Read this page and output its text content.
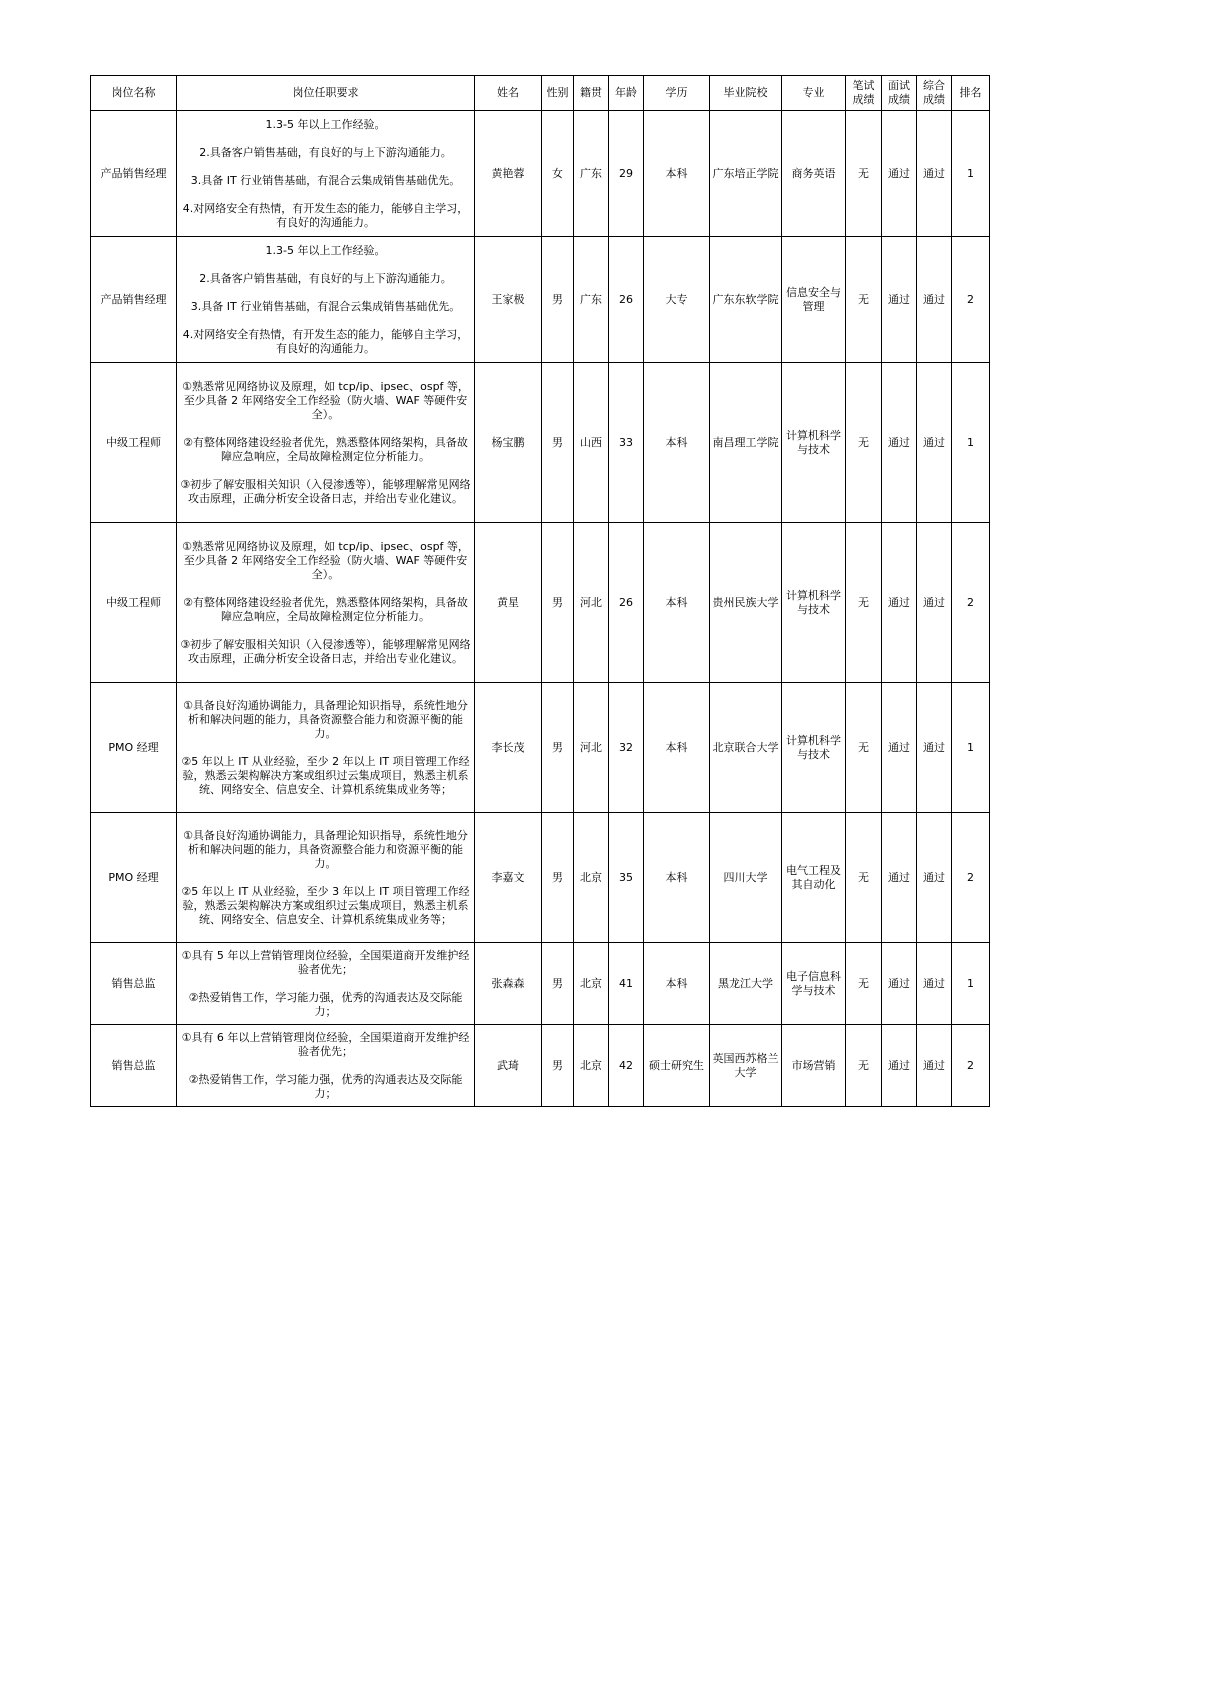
岗位名称	岗位任职要求	姓名	性别	籍贯	年龄	学历	毕业院校	专业	笔试成绩	面试成绩	综合成绩	排名
产品销售经理	1.3-5 年以上工作经验。

2.具备客户销售基础，有良好的与上下游沟通能力。

3.具备 IT 行业销售基础，有混合云集成销售基础优先。

4.对网络安全有热情，有开发生态的能力，能够自主学习，有良好的沟通能力。	黄艳蓉	女	广东	29	本科	广东培正学院	商务英语	无	通过	通过	1
产品销售经理	1.3-5 年以上工作经验。

2.具备客户销售基础，有良好的与上下游沟通能力。

3.具备 IT 行业销售基础，有混合云集成销售基础优先。

4.对网络安全有热情，有开发生态的能力，能够自主学习，有良好的沟通能力。	王家极	男	广东	26	大专	广东东软学院	信息安全与管理	无	通过	通过	2
中级工程师	①熟悉常见网络协议及原理，如 tcp/ip、ipsec、ospf 等，至少具备 2 年网络安全工作经验（防火墙、WAF 等硬件安全）。

②有整体网络建设经验者优先，熟悉整体网络架构，具备故障应急响应，全局故障检测定位分析能力。

③初步了解安服相关知识（入侵渗透等），能够理解常见网络攻击原理，正确分析安全设备日志，并给出专业化建议。	杨宝鹏	男	山西	33	本科	南昌理工学院	计算机科学与技术	无	通过	通过	1
中级工程师	①熟悉常见网络协议及原理，如 tcp/ip、ipsec、ospf 等，至少具备 2 年网络安全工作经验（防火墙、WAF 等硬件安全）。

②有整体网络建设经验者优先，熟悉整体网络架构，具备故障应急响应，全局故障检测定位分析能力。

③初步了解安服相关知识（入侵渗透等），能够理解常见网络攻击原理，正确分析安全设备日志，并给出专业化建议。	黄星	男	河北	26	本科	贵州民族大学	计算机科学与技术	无	通过	通过	2
PMO 经理	①具备良好沟通协调能力，具备理论知识指导，系统性地分析和解决问题的能力，具备资源整合能力和资源平衡的能力。

②5 年以上 IT 从业经验，至少 2 年以上 IT 项目管理工作经验，熟悉云架构解决方案或组织过云集成项目，熟悉主机系统、网络安全、信息安全、计算机系统集成业务等；	李长茂	男	河北	32	本科	北京联合大学	计算机科学与技术	无	通过	通过	1
PMO 经理	①具备良好沟通协调能力，具备理论知识指导，系统性地分析和解决问题的能力，具备资源整合能力和资源平衡的能力。

②5 年以上 IT 从业经验，至少 3 年以上 IT 项目管理工作经验，熟悉云架构解决方案或组织过云集成项目，熟悉主机系统、网络安全、信息安全、计算机系统集成业务等；	李嘉文	男	北京	35	本科	四川大学	电气工程及其自动化	无	通过	通过	2
销售总监	①具有 5 年以上营销管理岗位经验，全国渠道商开发维护经验者优先；

②热爱销售工作，学习能力强，优秀的沟通表达及交际能力；	张森森	男	北京	41	本科	黑龙江大学	电子信息科学与技术	无	通过	通过	1
销售总监	①具有 6 年以上营销管理岗位经验，全国渠道商开发维护经验者优先；

②热爱销售工作，学习能力强，优秀的沟通表达及交际能力；	武琦	男	北京	42	硕士研究生	英国西苏格兰大学	市场营销	无	通过	通过	2
